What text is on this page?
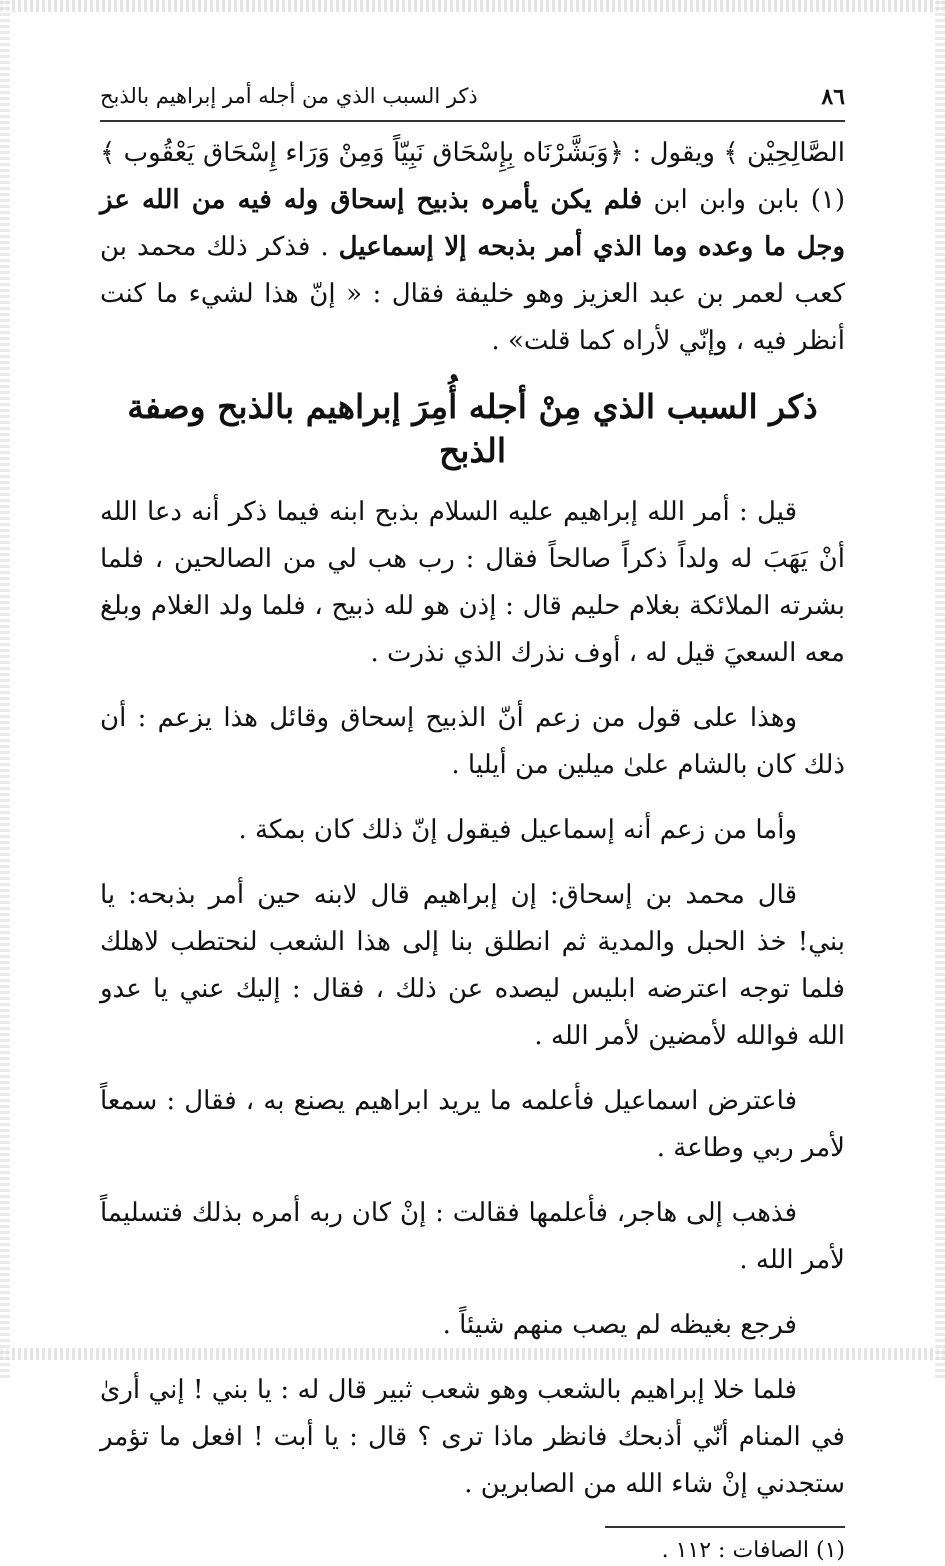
٨٦
ذكر السبب الذي من أجله أمر إبراهيم بالذبح

الصَّالِحِيْن ﴾ ويقول : ﴿وَبَشَّرْنَاه بِإِسْحَاق نَبِيّاً وَمِنْ وَرَاء إِسْحَاق يَعْقُوب ﴾(١) بابن وابن ابن فلم يكن يأمره بذبيح إسحاق وله فيه من الله عز وجل ما وعده وما الذي أمر بذبحه إلا إسماعيل . فذكر ذلك محمد بن كعب لعمر بن عبد العزيز وهو خليفة فقال : « إنّ هذا لشيء ما كنت أنظر فيه ، وإنّي لأراه كما قلت» .

ذكر السبب الذي مِنْ أجله أُمِرَ إبراهيم بالذبح وصفة الذبح

قيل : أمر الله إبراهيم عليه السلام بذبح ابنه فيما ذكر أنه دعا الله أنْ يَهَبَ له ولداً ذكراً صالحاً فقال : رب هب لي من الصالحين ، فلما بشرته الملائكة بغلام حليم قال : إذن هو لله ذبيح ، فلما ولد الغلام وبلغ معه السعيَ قيل له ، أوف نذرك الذي نذرت .

وهذا على قول من زعم أنّ الذبيح إسحاق وقائل هذا يزعم : أن ذلك كان بالشام علىٰ ميلين من أيليا .

وأما من زعم أنه إسماعيل فيقول إنّ ذلك كان بمكة .

قال محمد بن إسحاق: إن إبراهيم قال لابنه حين أمر بذبحه: يا بني! خذ الحبل والمدية ثم انطلق بنا إلى هذا الشعب لنحتطب لاهلك فلما توجه اعترضه ابليس ليصده عن ذلك ، فقال : إليك عني يا عدو الله فوالله لأمضين لأمر الله .

فاعترض اسماعيل فأعلمه ما يريد ابراهيم يصنع به ، فقال : سمعاً لأمر ربي وطاعة .

فذهب إلى هاجر، فأعلمها فقالت : إنْ كان ربه أمره بذلك فتسليماً لأمر الله .

فرجع بغيظه لم يصب منهم شيئاً .

فلما خلا إبراهيم بالشعب وهو شعب ثبير قال له : يا بني ! إني أرىٰ في المنام أنّي أذبحك فانظر ماذا ترى ؟ قال : يا أبت ! افعل ما تؤمر ستجدني إنْ شاء الله من الصابرين .

(١) الصافات : ١١٢ .
